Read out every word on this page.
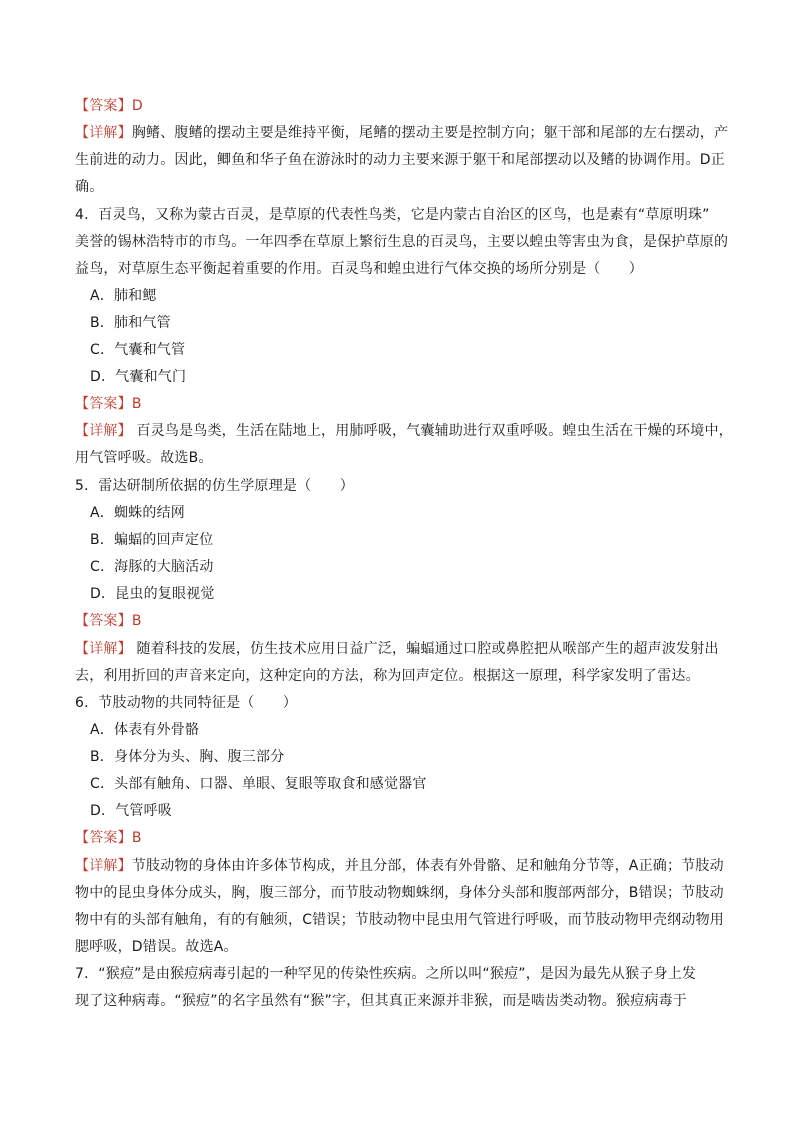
【答案】D
【详解】胸鳍、腹鳍的摆动主要是维持平衡，尾鳍的摆动主要是控制方向；躯干部和尾部的左右摆动，产
生前进的动力。因此，鲫鱼和华子鱼在游泳时的动力主要来源于躯干和尾部摆动以及鳍的协调作用。D正
确。
4．百灵鸟，又称为蒙古百灵，是草原的代表性鸟类，它是内蒙古自治区的区鸟，也是素有“草原明珠”
美誉的锡林浩特市的市鸟。一年四季在草原上繁衍生息的百灵鸟，主要以蝗虫等害虫为食，是保护草原的
益鸟，对草原生态平衡起着重要的作用。百灵鸟和蝗虫进行气体交换的场所分别是（　　）
A．肺和鳃
B．肺和气管
C．气囊和气管
D．气囊和气门
【答案】B
【详解】 百灵鸟是鸟类，生活在陆地上，用肺呼吸，气囊辅助进行双重呼吸。蝗虫生活在干燥的环境中，
用气管呼吸。故选B。
5．雷达研制所依据的仿生学原理是（　　）
A．蜘蛛的结网
B．蝙蝠的回声定位
C．海豚的大脑活动
D．昆虫的复眼视觉
【答案】B
【详解】 随着科技的发展，仿生技术应用日益广泛，蝙蝠通过口腔或鼻腔把从喉部产生的超声波发射出
去，利用折回的声音来定向，这种定向的方法，称为回声定位。根据这一原理，科学家发明了雷达。
6．节肢动物的共同特征是（　　）
A．体表有外骨骼
B．身体分为头、胸、腹三部分
C．头部有触角、口器、单眼、复眼等取食和感觉器官
D．气管呼吸
【答案】B
【详解】节肢动物的身体由许多体节构成，并且分部，体表有外骨骼、足和触角分节等，A正确；节肢动
物中的昆虫身体分成头，胸，腹三部分，而节肢动物蜘蛛纲，身体分头部和腹部两部分，B错误；节肢动
物中有的头部有触角，有的有触须，C错误；节肢动物中昆虫用气管进行呼吸，而节肢动物甲壳纲动物用
腮呼吸，D错误。故选A。
7．“猴痘”是由猴痘病毒引起的一种罕见的传染性疾病。之所以叫“猴痘”，是因为最先从猴子身上发
现了这种病毒。“猴痘”的名字虽然有“猴”字，但其真正来源并非猴，而是啮齿类动物。猴痘病毒于
